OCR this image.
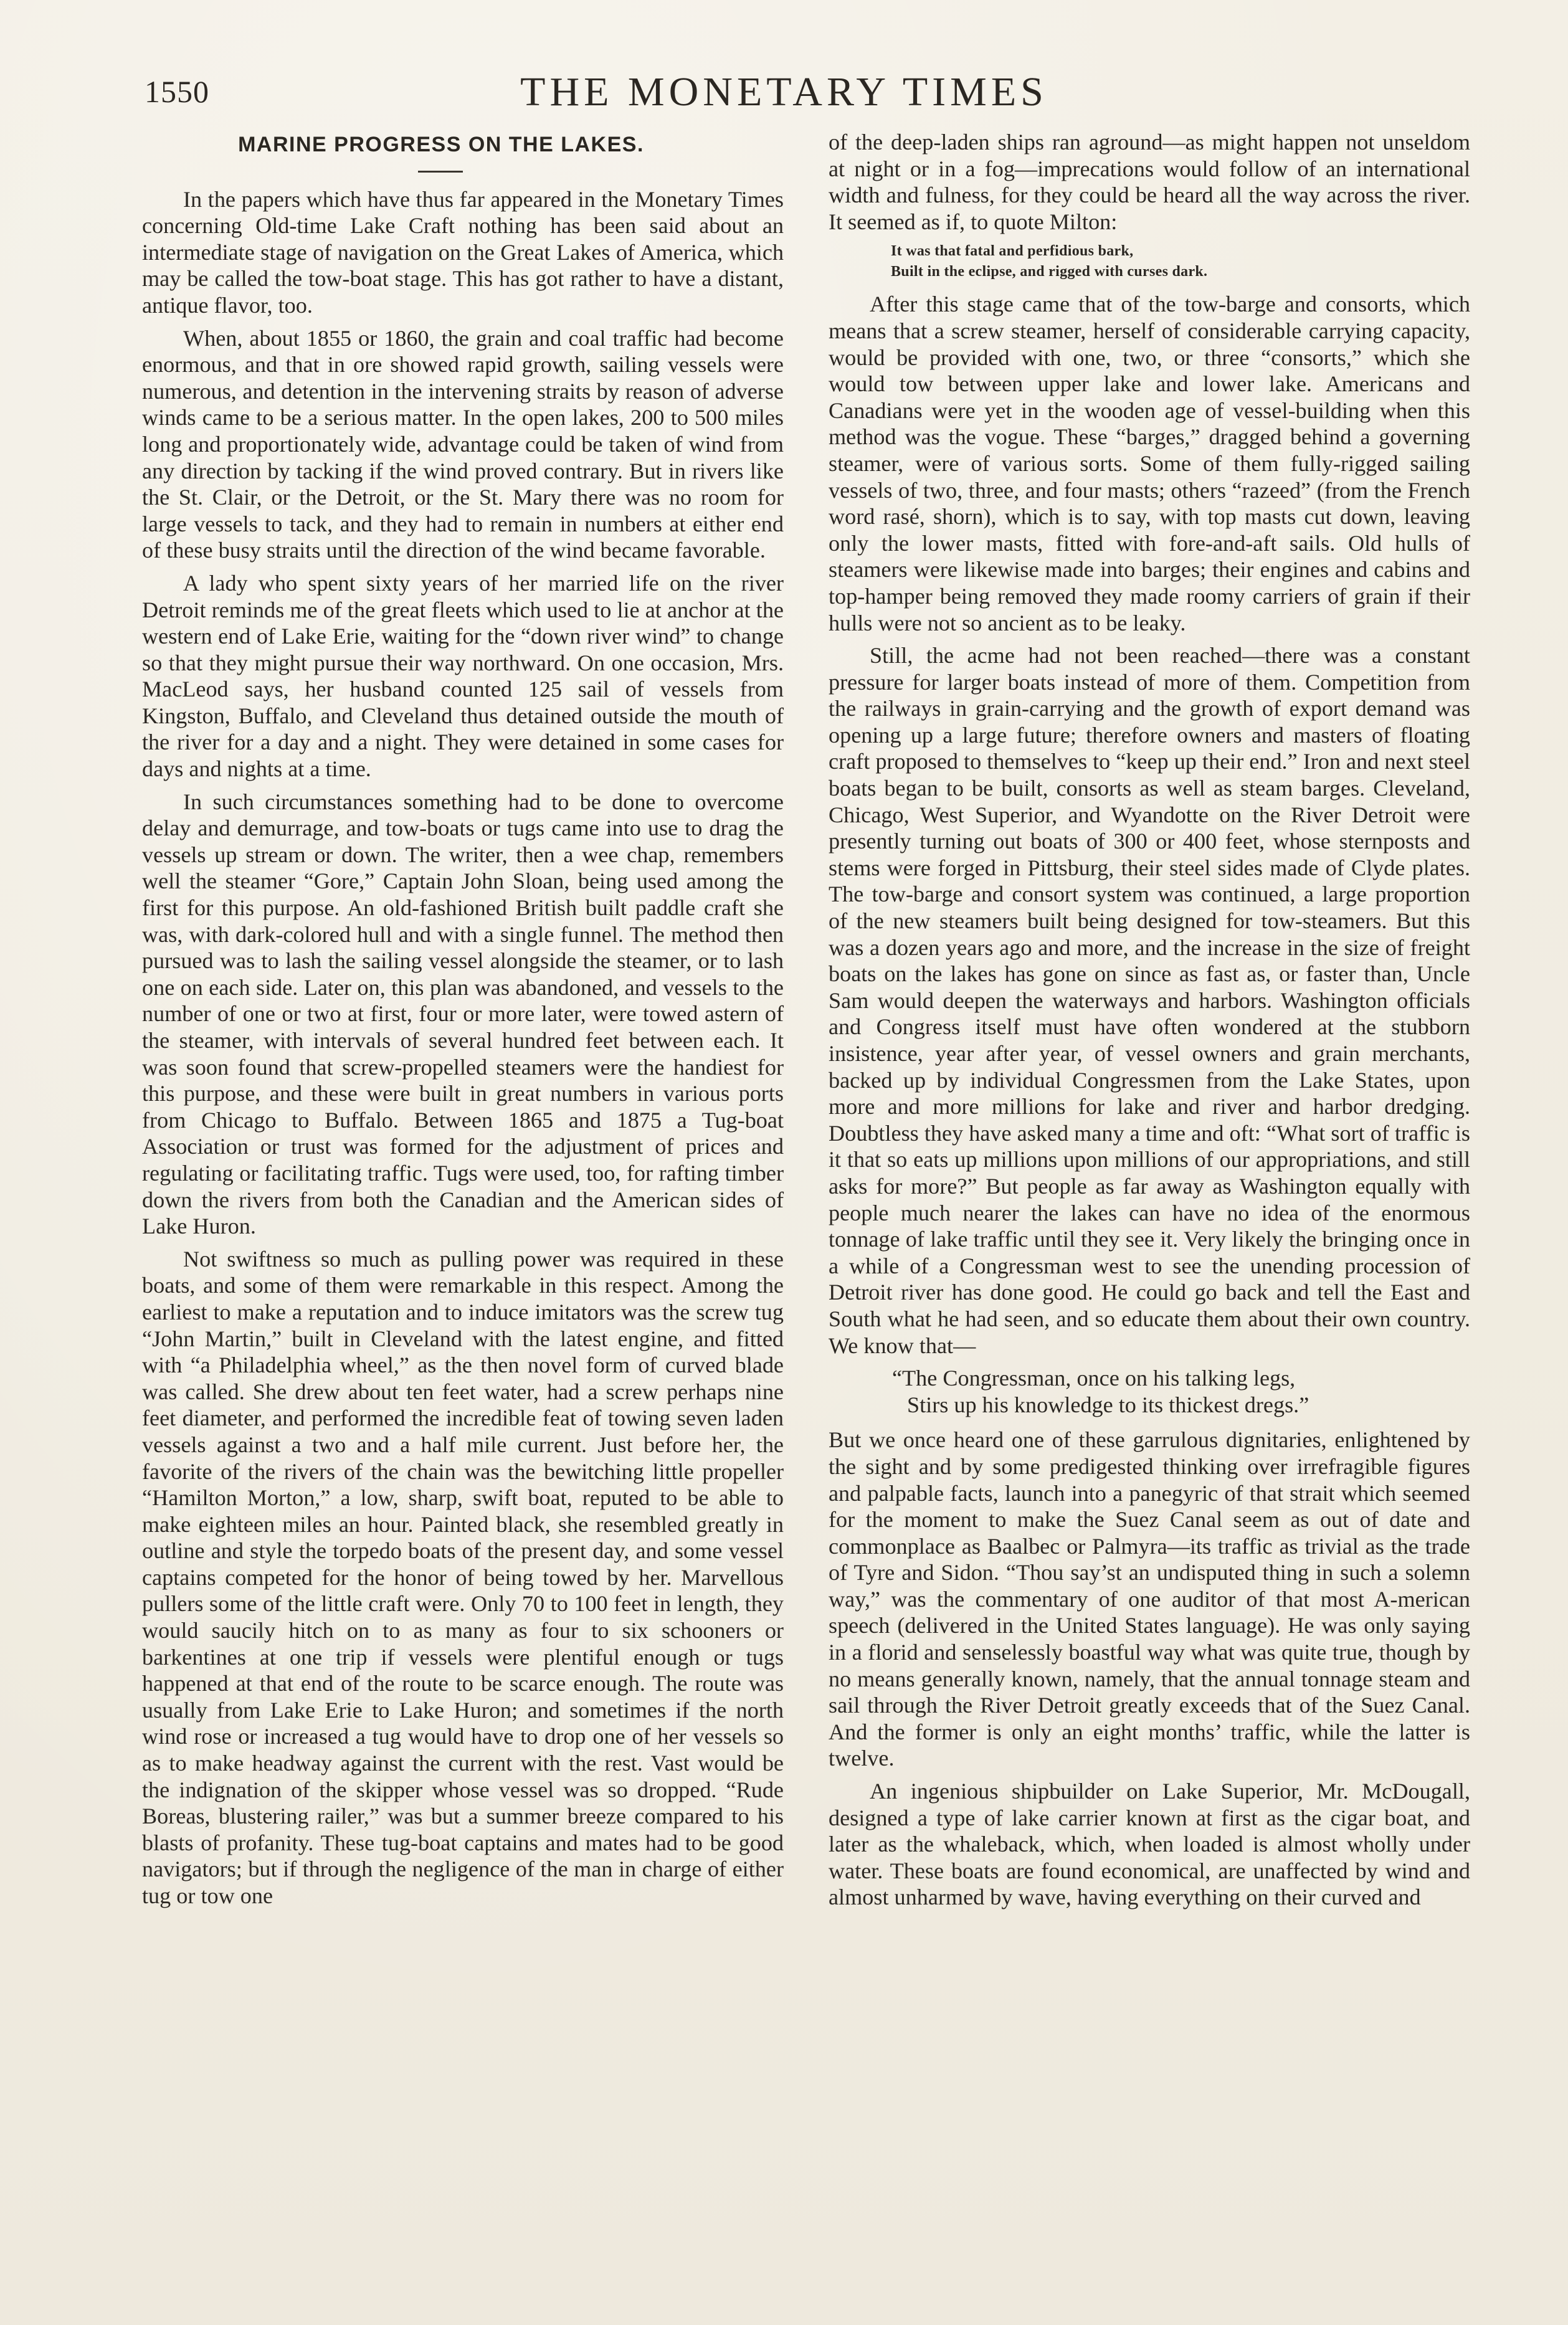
1550	THE MONETARY TIMES
MARINE PROGRESS ON THE LAKES.

In the papers which have thus far appeared in the Monetary Times concerning Old-time Lake Craft nothing has been said about an intermediate stage of navigation on the Great Lakes of America, which may be called the tow-boat stage. This has got rather to have a distant, antique flavor, too.

When, about 1855 or 1860, the grain and coal traffic had become enormous, and that in ore showed rapid growth, sailing vessels were numerous, and detention in the intervening straits by reason of adverse winds came to be a serious matter. In the open lakes, 200 to 500 miles long and proportionately wide, advantage could be taken of wind from any direction by tacking if the wind proved contrary. But in rivers like the St. Clair, or the Detroit, or the St. Mary there was no room for large vessels to tack, and they had to remain in numbers at either end of these busy straits until the direction of the wind became favorable.

A lady who spent sixty years of her married life on the river Detroit reminds me of the great fleets which used to lie at anchor at the western end of Lake Erie, waiting for the “down river wind” to change so that they might pursue their way northward. On one occasion, Mrs. MacLeod says, her husband counted 125 sail of vessels from Kingston, Buffalo, and Cleveland thus detained outside the mouth of the river for a day and a night. They were detained in some cases for days and nights at a time.

In such circumstances something had to be done to overcome delay and demurrage, and tow-boats or tugs came into use to drag the vessels up stream or down. The writer, then a wee chap, remembers well the steamer “Gore,” Captain John Sloan, being used among the first for this purpose. An old-fashioned British built paddle craft she was, with dark-colored hull and with a single funnel. The method then pursued was to lash the sailing vessel alongside the steamer, or to lash one on each side. Later on, this plan was abandoned, and vessels to the number of one or two at first, four or more later, were towed astern of the steamer, with intervals of several hundred feet between each. It was soon found that screw-propelled steamers were the handiest for this purpose, and these were built in great numbers in various ports from Chicago to Buffalo. Between 1865 and 1875 a Tug-boat Association or trust was formed for the adjustment of prices and regulating or facilitating traffic. Tugs were used, too, for rafting timber down the rivers from both the Canadian and the American sides of Lake Huron.

Not swiftness so much as pulling power was required in these boats, and some of them were remarkable in this respect. Among the earliest to make a reputation and to induce imitators was the screw tug “John Martin,” built in Cleveland with the latest engine, and fitted with “a Philadelphia wheel,” as the then novel form of curved blade was called. She drew about ten feet water, had a screw perhaps nine feet diameter, and performed the incredible feat of towing seven laden vessels against a two and a half mile current. Just before her, the favorite of the rivers of the chain was the bewitching little propeller “Hamilton Morton,” a low, sharp, swift boat, reputed to be able to make eighteen miles an hour. Painted black, she resembled greatly in outline and style the torpedo boats of the present day, and some vessel captains competed for the honor of being towed by her. Marvellous pullers some of the little craft were. Only 70 to 100 feet in length, they would saucily hitch on to as many as four to six schooners or barkentines at one trip if vessels were plentiful enough or tugs happened at that end of the route to be scarce enough. The route was usually from Lake Erie to Lake Huron; and sometimes if the north wind rose or increased a tug would have to drop one of her vessels so as to make headway against the current with the rest. Vast would be the indignation of the skipper whose vessel was so dropped. “Rude Boreas, blustering railer,” was but a summer breeze compared to his blasts of profanity. These tug-boat captains and mates had to be good navigators; but if through the negligence of the man in charge of either tug or tow one

of the deep-laden ships ran aground—as might happen not unseldom at night or in a fog—imprecations would follow of an international width and fulness, for they could be heard all the way across the river. It seemed as if, to quote Milton:

It was that fatal and perfidious bark,
Built in the eclipse, and rigged with curses dark.

After this stage came that of the tow-barge and consorts, which means that a screw steamer, herself of considerable carrying capacity, would be provided with one, two, or three “consorts,” which she would tow between upper lake and lower lake. Americans and Canadians were yet in the wooden age of vessel-building when this method was the vogue. These “barges,” dragged behind a governing steamer, were of various sorts. Some of them fully-rigged sailing vessels of two, three, and four masts; others “razeed” (from the French word rasé, shorn), which is to say, with top masts cut down, leaving only the lower masts, fitted with fore-and-aft sails. Old hulls of steamers were likewise made into barges; their engines and cabins and top-hamper being removed they made roomy carriers of grain if their hulls were not so ancient as to be leaky.

Still, the acme had not been reached—there was a constant pressure for larger boats instead of more of them. Competition from the railways in grain-carrying and the growth of export demand was opening up a large future; therefore owners and masters of floating craft proposed to themselves to “keep up their end.” Iron and next steel boats began to be built, consorts as well as steam barges. Cleveland, Chicago, West Superior, and Wyandotte on the River Detroit were presently turning out boats of 300 or 400 feet, whose sternposts and stems were forged in Pittsburg, their steel sides made of Clyde plates. The tow-barge and consort system was continued, a large proportion of the new steamers built being designed for tow-steamers. But this was a dozen years ago and more, and the increase in the size of freight boats on the lakes has gone on since as fast as, or faster than, Uncle Sam would deepen the waterways and harbors. Washington officials and Congress itself must have often wondered at the stubborn insistence, year after year, of vessel owners and grain merchants, backed up by individual Congressmen from the Lake States, upon more and more millions for lake and river and harbor dredging. Doubtless they have asked many a time and oft: “What sort of traffic is it that so eats up millions upon millions of our appropriations, and still asks for more?” But people as far away as Washington equally with people much nearer the lakes can have no idea of the enormous tonnage of lake traffic until they see it. Very likely the bringing once in a while of a Congressman west to see the unending procession of Detroit river has done good. He could go back and tell the East and South what he had seen, and so educate them about their own country. We know that—

“The Congressman, once on his talking legs,
Stirs up his knowledge to its thickest dregs.”

But we once heard one of these garrulous dignitaries, enlightened by the sight and by some predigested thinking over irrefragible figures and palpable facts, launch into a panegyric of that strait which seemed for the moment to make the Suez Canal seem as out of date and commonplace as Baalbec or Palmyra—its traffic as trivial as the trade of Tyre and Sidon. “Thou say’st an undisputed thing in such a solemn way,” was the commentary of one auditor of that most A-merican speech (delivered in the United States language). He was only saying in a florid and senselessly boastful way what was quite true, though by no means generally known, namely, that the annual tonnage steam and sail through the River Detroit greatly exceeds that of the Suez Canal. And the former is only an eight months’ traffic, while the latter is twelve.

An ingenious shipbuilder on Lake Superior, Mr. McDougall, designed a type of lake carrier known at first as the cigar boat, and later as the whaleback, which, when loaded is almost wholly under water. These boats are found economical, are unaffected by wind and almost unharmed by wave, having everything on their curved and
